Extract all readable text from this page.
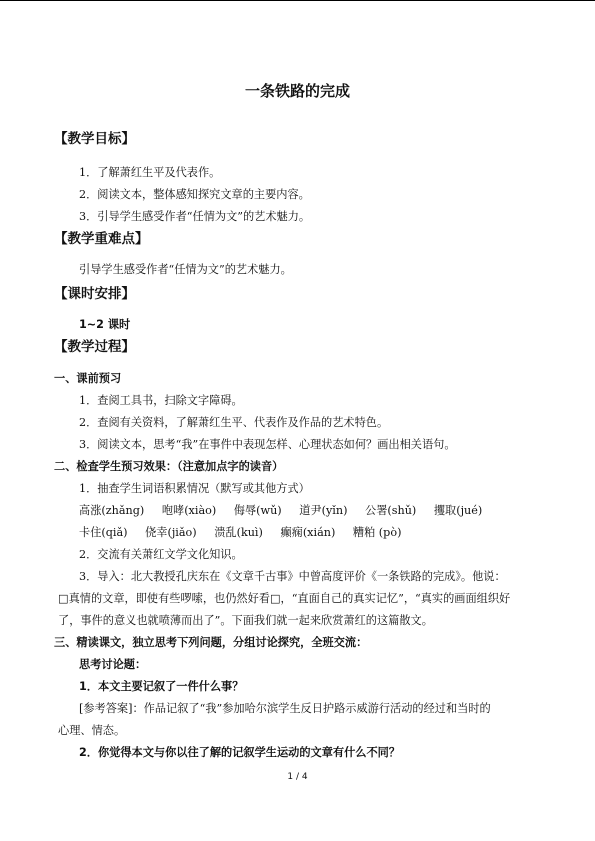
一条铁路的完成
【教学目标】
1．了解萧红生平及代表作。
2．阅读文本，整体感知探究文章的主要内容。
3．引导学生感受作者“任情为文”的艺术魅力。
【教学重难点】
引导学生感受作者“任情为文”的艺术魅力。
【课时安排】
1~2 课时
【教学过程】
一、课前预习
1．查阅工具书，扫除文字障碍。
2．查阅有关资料，了解萧红生平、代表作及作品的艺术特色。
3．阅读文本，思考“我”在事件中表现怎样、心理状态如何？画出相关语句。
二、检查学生预习效果：（注意加点字的读音）
1．抽查学生词语积累情况（默写或其他方式）
高涨(zhǎng) 咆哮(xiào) 侮辱(wǔ) 道尹(yǐn) 公署(shǔ) 攫取(jué)
卡住(qiǎ) 侥幸(jiǎo) 溃乱(kuì) 癫痫(xián) 糟粕 (pò)
2．交流有关萧红文学文化知识。
3．导入：北大教授孔庆东在《文章千古事》中曾高度评价《一条铁路的完成》。他说：
□真情的文章，即使有些啰嗦，也仍然好看□，“直面自己的真实记忆”，“真实的画面组织好
了，事件的意义也就喷薄而出了”。下面我们就一起来欣赏萧红的这篇散文。
三、精读课文，独立思考下列问题，分组讨论探究，全班交流：
思考讨论题：
1．本文主要记叙了一件什么事？
[参考答案]：作品记叙了“我”参加哈尔滨学生反日护路示威游行活动的经过和当时的
心理、情态。
2．你觉得本文与你以往了解的记叙学生运动的文章有什么不同？
1 / 4
